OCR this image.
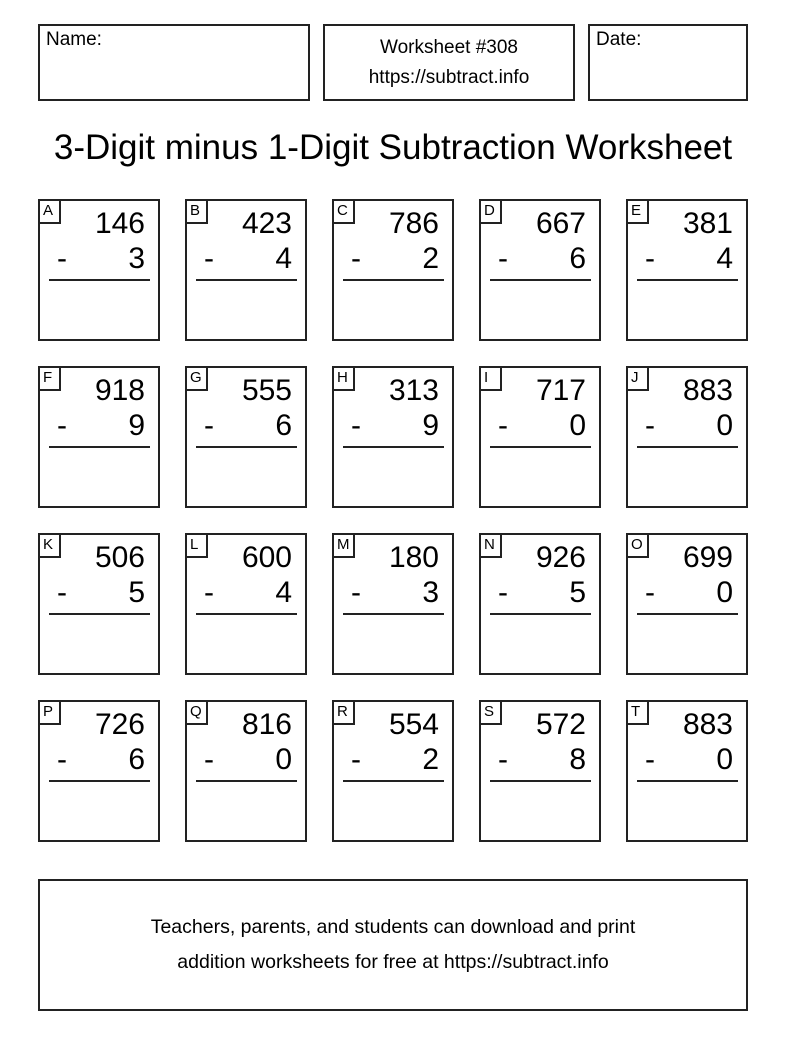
Name:	Worksheet #308
https://subtract.info
Date:
3-Digit minus 1-Digit Subtraction Worksheet
A 146
- 3
B 423
- 4
C 786
- 2
D 667
- 6
E 381
- 4
F 918
- 9
G 555
- 6
H 313
- 9
I	717
- 0
J	883
- 0
K 506
- 5
L	600
- 4
M 180
- 3
N 926
- 5
O 699
- 0
P 726
- 6
Q 816
- 0
R 554
- 2
S 572
- 8
T 883
- 0
Teachers, parents, and students can download and print
addition worksheets for free at https://subtract.info
